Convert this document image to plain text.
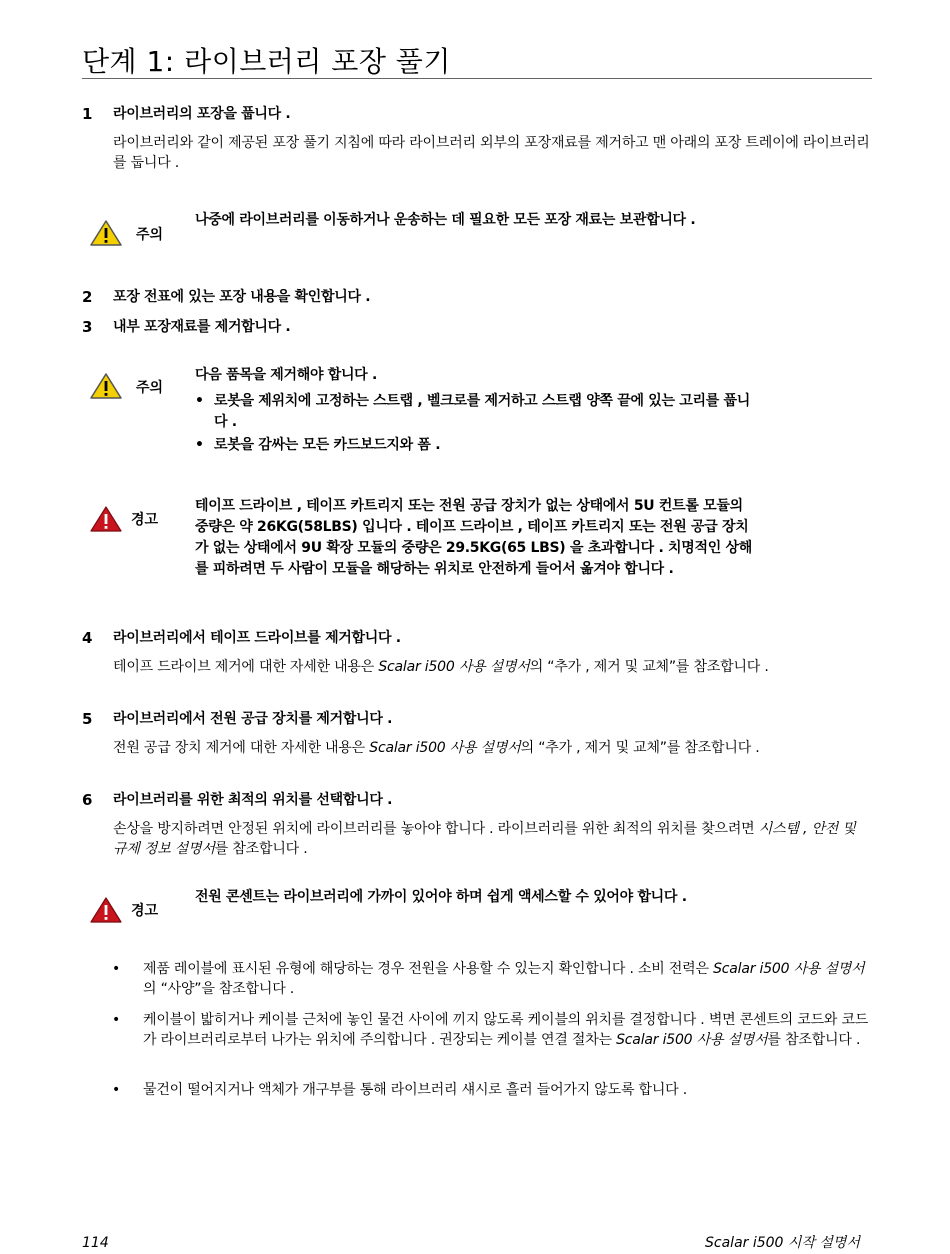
단계 1: 라이브러리 포장 풀기
1 라이브러리의 포장을 풉니다 .
라이브러리와 같이 제공된 포장 풀기 지침에 따라 라이브러리 외부의 포장재료를 제거하고 맨 아래의 포장 트레이에 라이브러리를 둡니다 .
주의
나중에 라이브러리를 이동하거나 운송하는 데 필요한 모든 포장 재료는 보관합니다 .
2 포장 전표에 있는 포장 내용을 확인합니다 .
3 내부 포장재료를 제거합니다 .
주의
다음 품목을 제거해야 합니다 .
• 로봇을 제위치에 고정하는 스트랩 , 벨크로를 제거하고 스트랩 양쪽 끝에 있는 고리를 풉니다 .
• 로봇을 감싸는 모든 카드보드지와 폼 .
경고
테이프 드라이브 , 테이프 카트리지 또는 전원 공급 장치가 없는 상태에서 5U 컨트롤 모듈의 중량은 약 26KG(58LBS) 입니다 . 테이프 드라이브 , 테이프 카트리지 또는 전원 공급 장치가 없는 상태에서 9U 확장 모듈의 중량은 29.5KG(65 LBS) 을 초과합니다 . 치명적인 상해를 피하려면 두 사람이 모듈을 해당하는 위치로 안전하게 들어서 옮겨야 합니다 .
4 라이브러리에서 테이프 드라이브를 제거합니다 .
테이프 드라이브 제거에 대한 자세한 내용은 Scalar i500 사용 설명서의 “추가 , 제거 및 교체”를 참조합니다 .
5 라이브러리에서 전원 공급 장치를 제거합니다 .
전원 공급 장치 제거에 대한 자세한 내용은 Scalar i500 사용 설명서의 “추가 , 제거 및 교체”를 참조합니다 .
6 라이브러리를 위한 최적의 위치를 선택합니다 .
손상을 방지하려면 안정된 위치에 라이브러리를 놓아야 합니다 . 라이브러리를 위한 최적의 위치를 찾으려면 시스템 , 안전 및 규제 정보 설명서를 참조합니다 .
경고
전원 콘센트는 라이브러리에 가까이 있어야 하며 쉽게 액세스할 수 있어야 합니다 .
• 제품 레이블에 표시된 유형에 해당하는 경우 전원을 사용할 수 있는지 확인합니다 . 소비 전력은 Scalar i500 사용 설명서의 “사양”을 참조합니다 .
• 케이블이 밟히거나 케이블 근처에 놓인 물건 사이에 끼지 않도록 케이블의 위치를 결정합니다 . 벽면 콘센트의 코드와 코드가 라이브러리로부터 나가는 위치에 주의합니다 . 권장되는 케이블 연결 절차는 Scalar i500 사용 설명서를 참조합니다 .
• 물건이 떨어지거나 액체가 개구부를 통해 라이브러리 섀시로 흘러 들어가지 않도록 합니다 .
114	Scalar i500 시작 설명서
